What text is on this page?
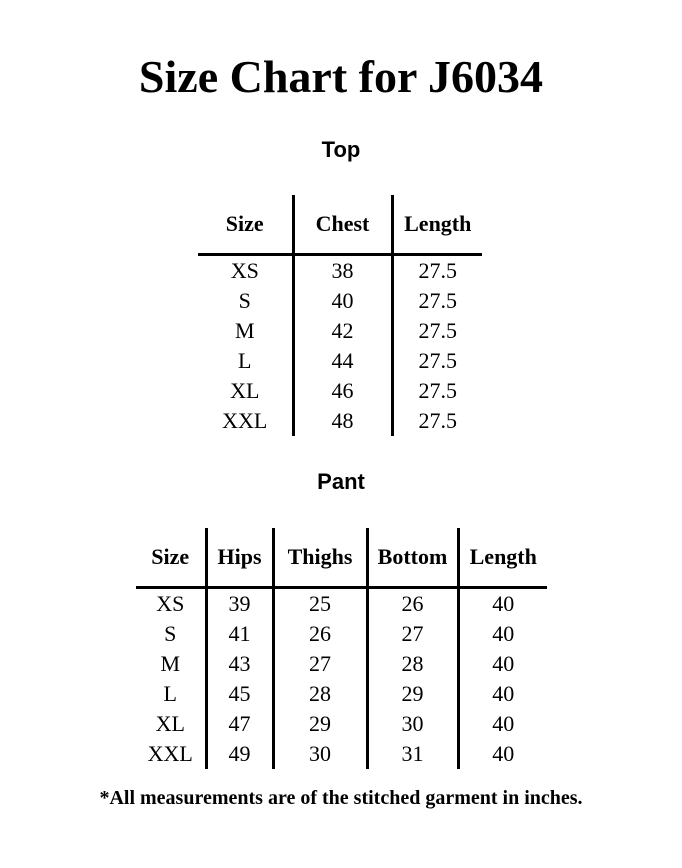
Size Chart for J6034
Top
Size	Chest	Length
XS	38	27.5
S	40	27.5
M	42	27.5
L	44	27.5
XL	46	27.5
XXL	48	27.5
Pant
Size	Hips	Thighs	Bottom	Length
XS	39	25	26	40
S	41	26	27	40
M	43	27	28	40
L	45	28	29	40
XL	47	29	30	40
XXL	49	30	31	40
*All measurements are of the stitched garment in inches.
